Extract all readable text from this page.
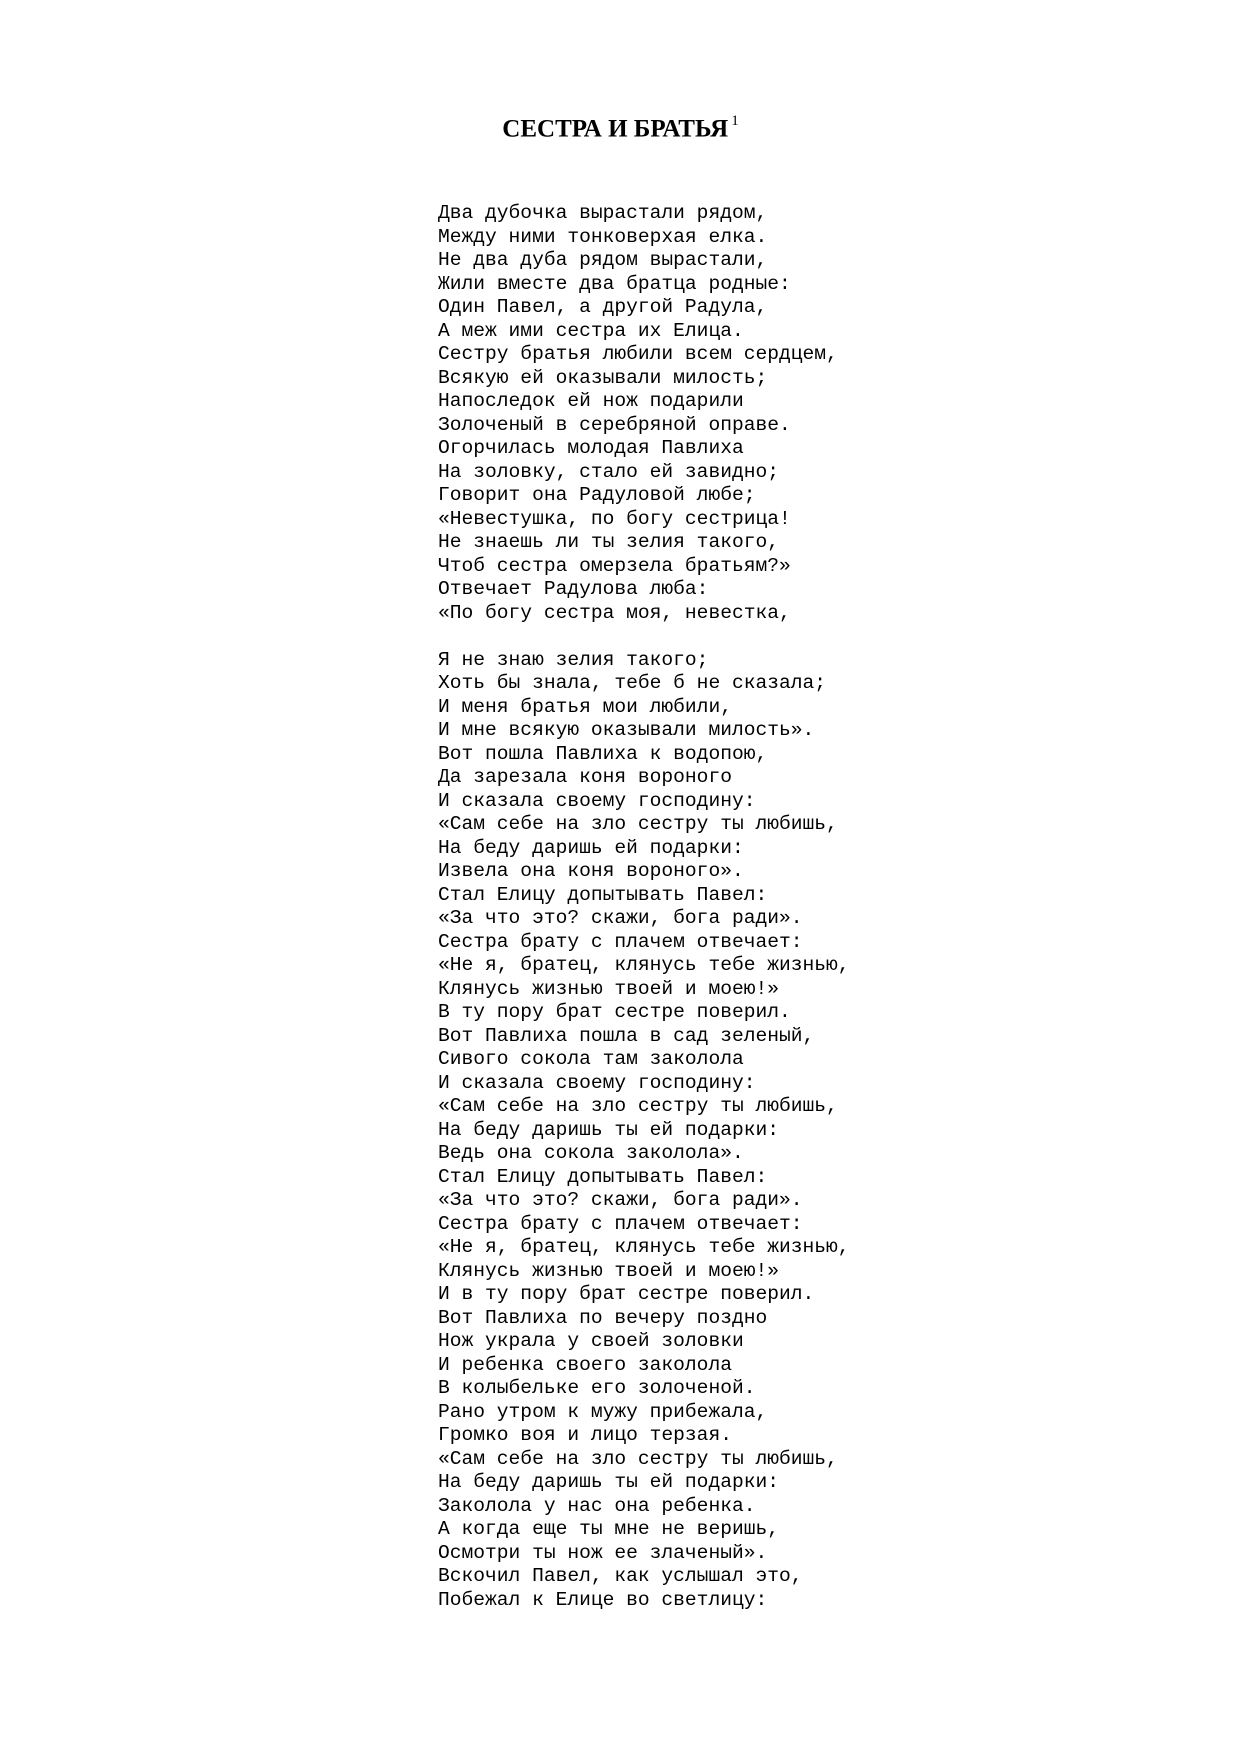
СЕСТРА И БРАТЬЯ $^1$
Два дубочка вырастали рядом,
Между ними тонковерхая елка.
Не два дуба рядом вырастали,
Жили вместе два братца родные:
Один Павел, а другой Радула,
А меж ими сестра их Елица.
Сестру братья любили всем сердцем,
Всякую ей оказывали милость;
Напоследок ей нож подарили
Золоченый в серебряной оправе.
Огорчилась молодая Павлиха
На золовку, стало ей завидно;
Говорит она Радуловой любе;
«Невестушка, по богу сестрица!
Не знаешь ли ты зелия такого,
Чтоб сестра омерзела братьям?»
Отвечает Радулова люба:
«По богу сестра моя, невестка,
Я не знаю зелия такого;
Хоть бы знала, тебе б не сказала;
И меня братья мои любили,
И мне всякую оказывали милость».
Вот пошла Павлиха к водопою,
Да зарезала коня вороного
И сказала своему господину:
«Сам себе на зло сестру ты любишь,
На беду даришь ей подарки:
Извела она коня вороного».
Стал Елицу допытывать Павел:
«За что это? скажи, бога ради».
Сестра брату с плачем отвечает:
«Не я, братец, клянусь тебе жизнью,
Клянусь жизнью твоей и моею!»
В ту пору брат сестре поверил.
Вот Павлиха пошла в сад зеленый,
Сивого сокола там заколола
И сказала своему господину:
«Сам себе на зло сестру ты любишь,
На беду даришь ты ей подарки:
Ведь она сокола заколола».
Стал Елицу допытывать Павел:
«За что это? скажи, бога ради».
Сестра брату с плачем отвечает:
«Не я, братец, клянусь тебе жизнью,
Клянусь жизнью твоей и моею!»
И в ту пору брат сестре поверил.
Вот Павлиха по вечеру поздно
Нож украла у своей золовки
И ребенка своего заколола
В колыбельке его золоченой.
Рано утром к мужу прибежала,
Громко воя и лицо терзая.
«Сам себе на зло сестру ты любишь,
На беду даришь ты ей подарки:
Заколола у нас она ребенка.
А когда еще ты мне не веришь,
Осмотри ты нож ее злаченый».
Вскочил Павел, как услышал это,
Побежал к Елице во светлицу:
